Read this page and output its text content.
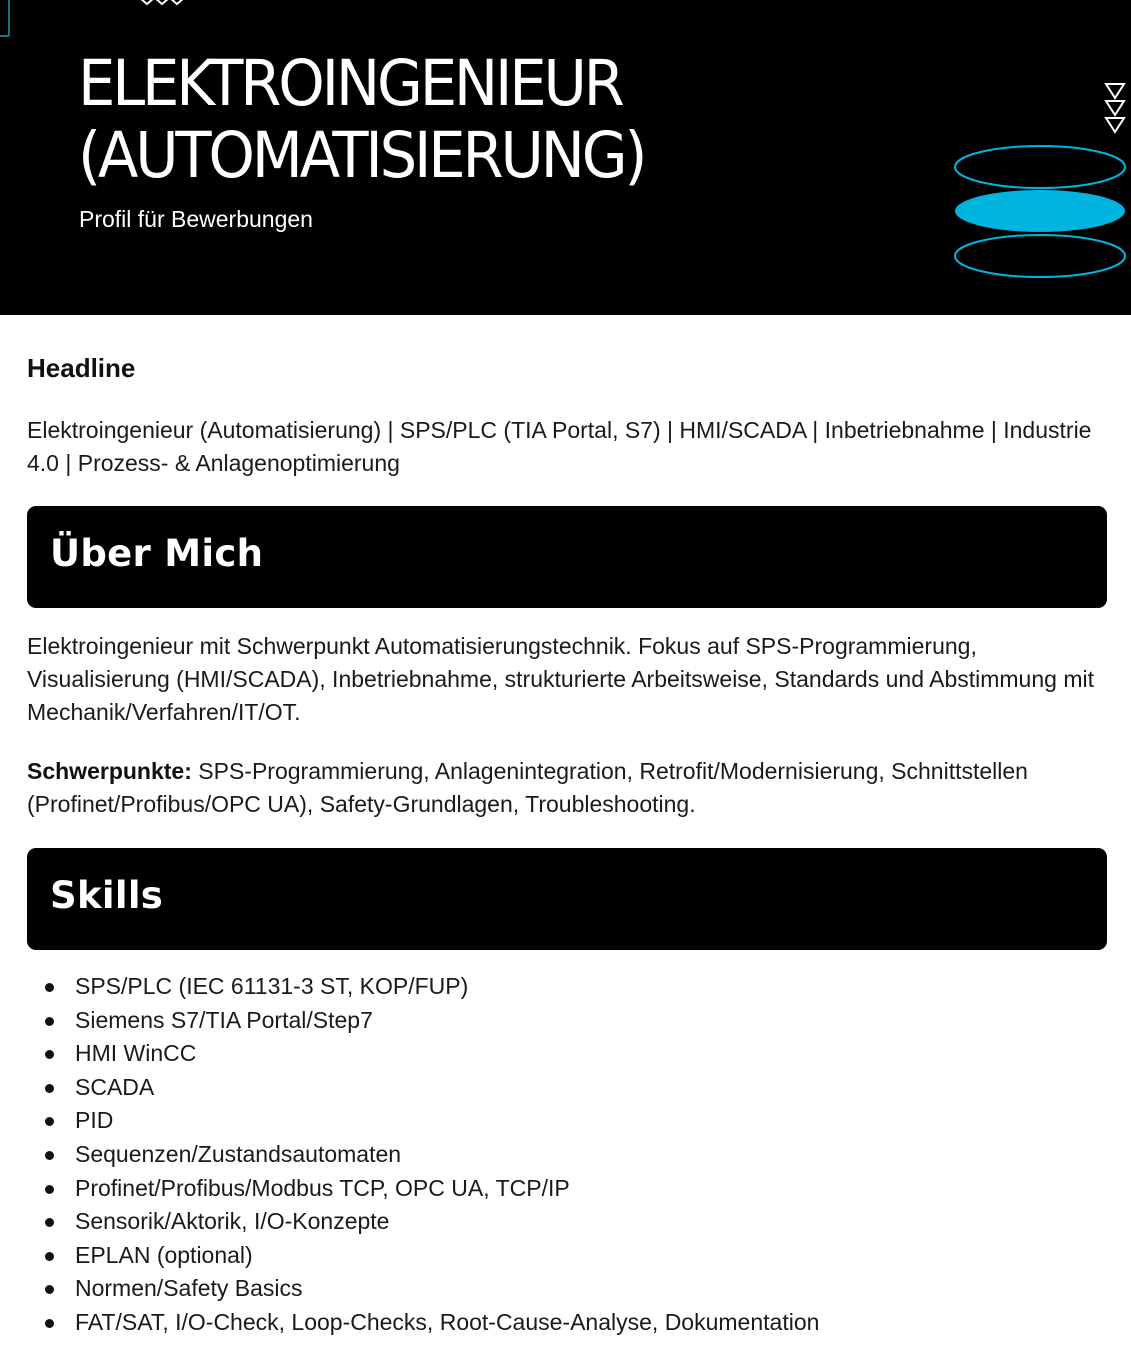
ELEKTROINGENIEUR
(AUTOMATISIERUNG)
Profil für Bewerbungen
Headline
Elektroingenieur (Automatisierung) | SPS/PLC (TIA Portal, S7) | HMI/SCADA | Inbetriebnahme | Industrie 4.0 | Prozess- & Anlagenoptimierung
Über Mich
Elektroingenieur mit Schwerpunkt Automatisierungstechnik. Fokus auf SPS-Programmierung, Visualisierung (HMI/SCADA), Inbetriebnahme, strukturierte Arbeitsweise, Standards und Abstimmung mit Mechanik/Verfahren/IT/OT.
Schwerpunkte: SPS-Programmierung, Anlagenintegration, Retrofit/Modernisierung, Schnittstellen (Profinet/Profibus/OPC UA), Safety-Grundlagen, Troubleshooting.
Skills
SPS/PLC (IEC 61131-3 ST, KOP/FUP)
Siemens S7/TIA Portal/Step7
HMI WinCC
SCADA
PID
Sequenzen/Zustandsautomaten
Profinet/Profibus/Modbus TCP, OPC UA, TCP/IP
Sensorik/Aktorik, I/O-Konzepte
EPLAN (optional)
Normen/Safety Basics
FAT/SAT, I/O-Check, Loop-Checks, Root-Cause-Analyse, Dokumentation
